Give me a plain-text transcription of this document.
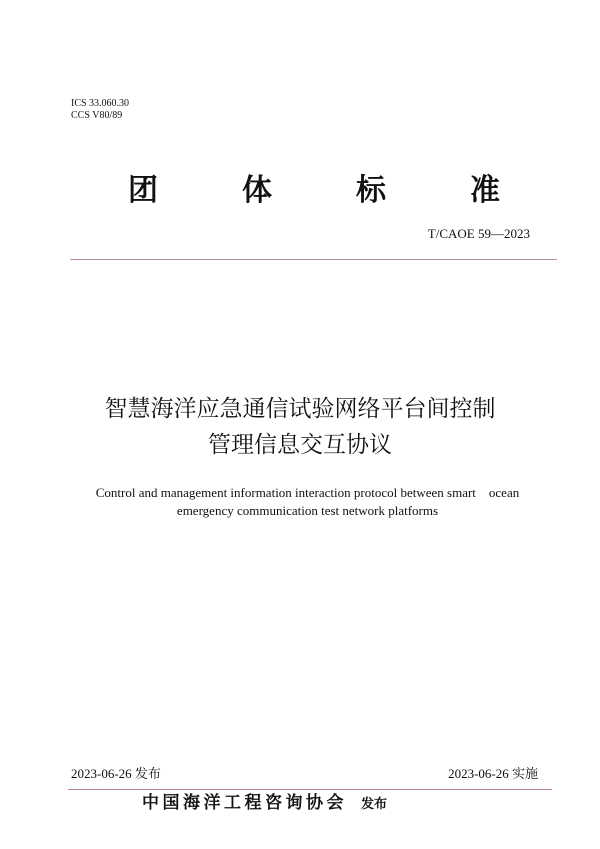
ICS 33.060.30
CCS V80/89
团	体	标	准
T/CAOE 59—2023
智慧海洋应急通信试验网络平台间控制
管理信息交互协议
Control and management information interaction protocol between smart    ocean
emergency communication test network platforms
2023-06-26 发布	2023-06-26 实施
中国海洋工程咨询协会 发布
